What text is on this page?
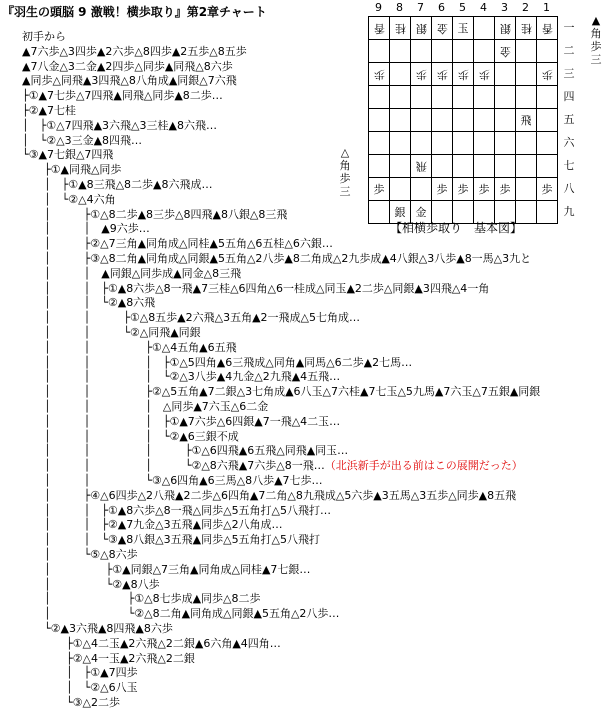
『羽生の頭脳 9 激戦！横歩取り』第2章チャート
初手から
▲7六歩△3四歩▲2六歩△8四歩▲2五歩△8五歩
▲7八金△3二金▲2四歩△同歩▲同飛△8六歩
▲同歩△同飛▲3四飛△8八角成▲同銀△7六飛
├①▲7七歩△7四飛▲同飛△同歩▲8二歩…
├②▲7七桂
│　├①△7四飛▲3六飛△3三桂▲8六飛…
│　└②△3三金▲8四飛…
└③▲7七銀△7四飛
　　├①▲同飛△同歩
　　│　├①▲8三飛△8二歩▲8六飛成…
　　│　└②△4六角
　　│　　　├①△8二歩▲8三歩△8四飛▲8八銀△8三飛
　　│　　　│　▲9六歩…
　　│　　　├②△7三角▲同角成△同桂▲5五角△6五桂△6六銀…
　　│　　　├③△8二角▲同角成△同銀▲5五角△2八歩▲8二角成△2九歩成▲4八銀△3八歩▲8一馬△3九と
　　│　　　│　▲同銀△同歩成▲同金△8三飛
　　│　　　│　├①▲8六歩△8一飛▲7三桂△6四角△6一桂成△同玉▲2二歩△同銀▲3四飛△4一角
　　│　　　│　└②▲8六飛
　　│　　　│　　　├①△8五歩▲2六飛△3五角▲2一飛成△5七角成…
　　│　　　│　　　└②△同飛▲同銀
　　│　　　│　　　　　├①△4五角▲6五飛
　　│　　　│　　　　　│　├①△5四角▲6三飛成△同角▲同馬△6二歩▲2七馬…
　　│　　　│　　　　　│　└②△3八歩▲4九金△2九飛▲4五飛…
　　│　　　│　　　　　├②△5五角▲7二銀△3七角成▲6八玉△7六桂▲7七玉△5九馬▲7六玉△7五銀▲同銀
　　│　　　│　　　　　│　△同歩▲7六玉△6二金
　　│　　　│　　　　　│　├①▲7六歩△6四銀▲7一飛△4二玉…
　　│　　　│　　　　　│　└②▲6三銀不成
　　│　　　│　　　　　│　　　├①△6四飛▲6五飛△同飛▲同玉…
　　│　　　│　　　　　│　　　└②△8六飛▲7六歩△8一飛…（北浜新手が出る前はこの展開だった）
　　│　　　│　　　　　└③△6四角▲6三馬△8八歩▲7七歩…
　　│　　　├④△6四歩△2八飛▲2二歩△6四角▲7二角△8九飛成△5六歩▲3五馬△3五歩△同歩▲8五飛
　　│　　　│　├①▲8六歩△8一飛△同歩△5五角打△5八飛打…
　　│　　　│　├②▲7九金△3五飛▲同歩△2八角成…
　　│　　　│　└③▲8八銀△3五飛▲同歩△5五角打△5八飛打
　　│　　　└⑤△8六歩
　　│　　　　　├①▲同銀△7三角▲同角成△同桂▲7七銀…
　　│　　　　　└②▲8八歩
　　│　　　　　　　├①△8七歩成▲同歩△8二歩
　　│　　　　　　　└②△8二角▲同角成△同銀▲5五角△2八歩…
　　└②▲3六飛▲8四飛▲8六歩
　　　　├①△4二玉▲2六飛△2二銀▲6六角▲4四角…
　　　　├②△4一玉▲2六飛△2二銀
　　　　│　├①▲7四歩
　　　　│　└②△6八玉
　　　　└③△2二歩
9	8	7	6	5	4	3	2	1
香	桂	銀	金	玉		銀	桂	香
						金		
歩		歩	歩	歩	歩			歩

							飛	

		飛						
歩			歩	歩	歩	歩		歩
	銀	金						
一
二
三
四
五
六
七
八
九
▲
角
歩
三
△
角
歩
三
【相横歩取り　基本図】
